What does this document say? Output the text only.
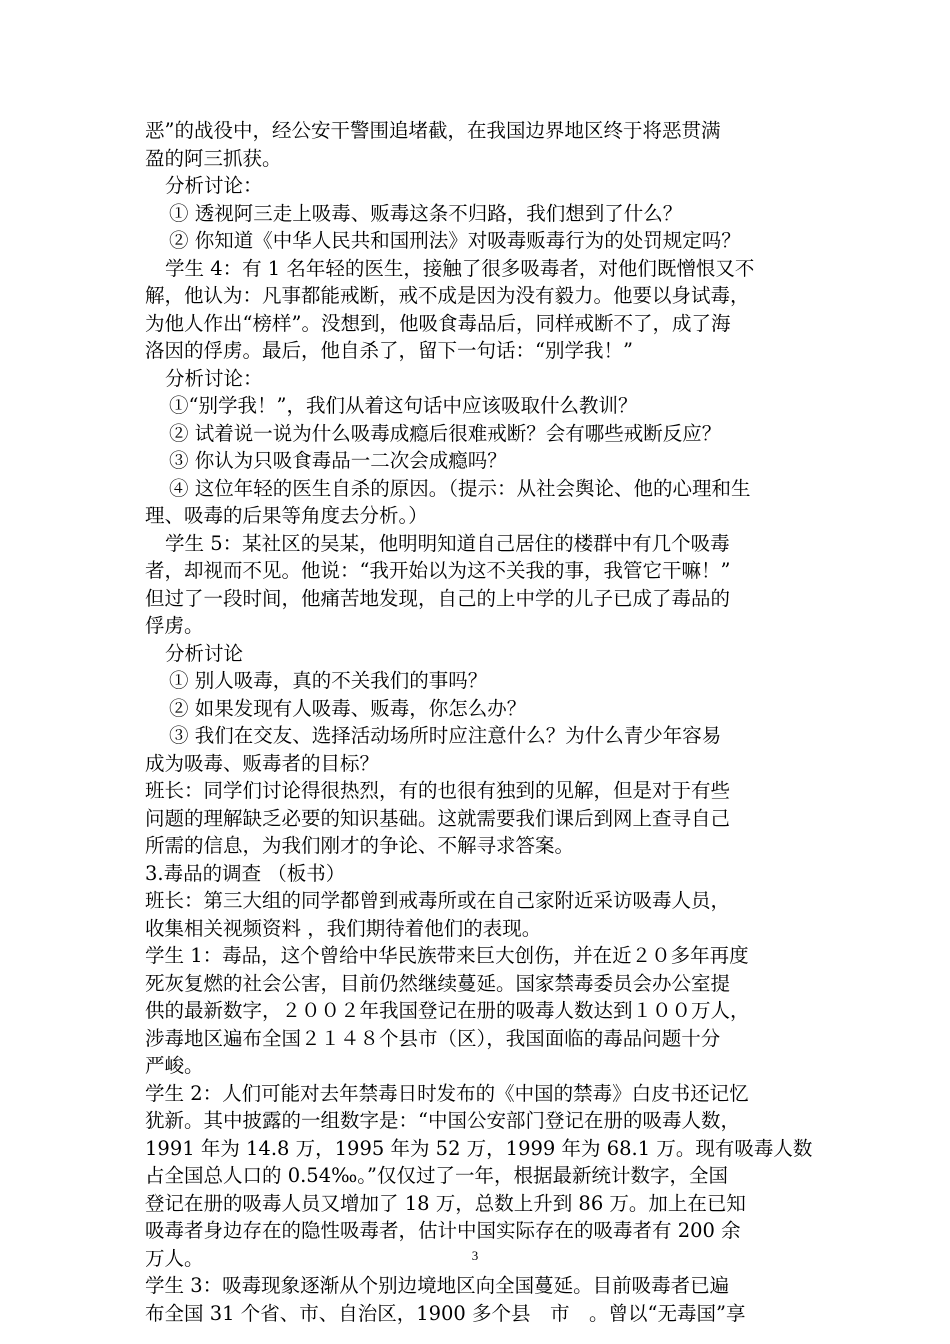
恶”的战役中，经公安干警围追堵截，在我国边界地区终于将恶贯满
盈的阿三抓获。
分析讨论：
① 透视阿三走上吸毒、贩毒这条不归路，我们想到了什么？
② 你知道《中华人民共和国刑法》对吸毒贩毒行为的处罚规定吗？
学生 4：有 1 名年轻的医生，接触了很多吸毒者，对他们既憎恨又不
解，他认为：凡事都能戒断，戒不成是因为没有毅力。他要以身试毒，
为他人作出“榜样”。没想到，他吸食毒品后，同样戒断不了，成了海
洛因的俘虏。最后，他自杀了，留下一句话：“别学我！”
分析讨论：
①“别学我！”，我们从着这句话中应该吸取什么教训？
② 试着说一说为什么吸毒成瘾后很难戒断？会有哪些戒断反应？
③ 你认为只吸食毒品一二次会成瘾吗？
④ 这位年轻的医生自杀的原因。（提示：从社会舆论、他的心理和生
理、吸毒的后果等角度去分析。）
学生 5：某社区的吴某，他明明知道自己居住的楼群中有几个吸毒
者，却视而不见。他说：“我开始以为这不关我的事，我管它干嘛！”
但过了一段时间，他痛苦地发现，自己的上中学的儿子已成了毒品的
俘虏。
分析讨论
① 别人吸毒，真的不关我们的事吗？
② 如果发现有人吸毒、贩毒，你怎么办？
③ 我们在交友、选择活动场所时应注意什么？为什么青少年容易
成为吸毒、贩毒者的目标？
班长：同学们讨论得很热烈，有的也很有独到的见解，但是对于有些
问题的理解缺乏必要的知识基础。这就需要我们课后到网上查寻自己
所需的信息，为我们刚才的争论、不解寻求答案。
3.毒品的调查 （板书）
班长：第三大组的同学都曾到戒毒所或在自己家附近采访吸毒人员，
收集相关视频资料 ，我们期待着他们的表现。
学生 1：毒品，这个曾给中华民族带来巨大创伤，并在近２０多年再度
死灰复燃的社会公害，目前仍然继续蔓延。国家禁毒委员会办公室提
供的最新数字，２００２年我国登记在册的吸毒人数达到１００万人，
涉毒地区遍布全国２１４８个县市（区），我国面临的毒品问题十分
严峻。
学生 2：人们可能对去年禁毒日时发布的《中国的禁毒》白皮书还记忆
犹新。其中披露的一组数字是：“中国公安部门登记在册的吸毒人数，
1991 年为 14.8 万，1995 年为 52 万，1999 年为 68.1 万。现有吸毒人数
占全国总人口的 0.54‰。”仅仅过了一年，根据最新统计数字，全国
登记在册的吸毒人员又增加了 18 万，总数上升到 86 万。加上在已知
吸毒者身边存在的隐性吸毒者，估计中国实际存在的吸毒者有 200 余
万人。
学生 3：吸毒现象逐渐从个别边境地区向全国蔓延。目前吸毒者已遍
布全国 31 个省、市、自治区，1900 多个县　市　。曾以“无毒国”享
3
